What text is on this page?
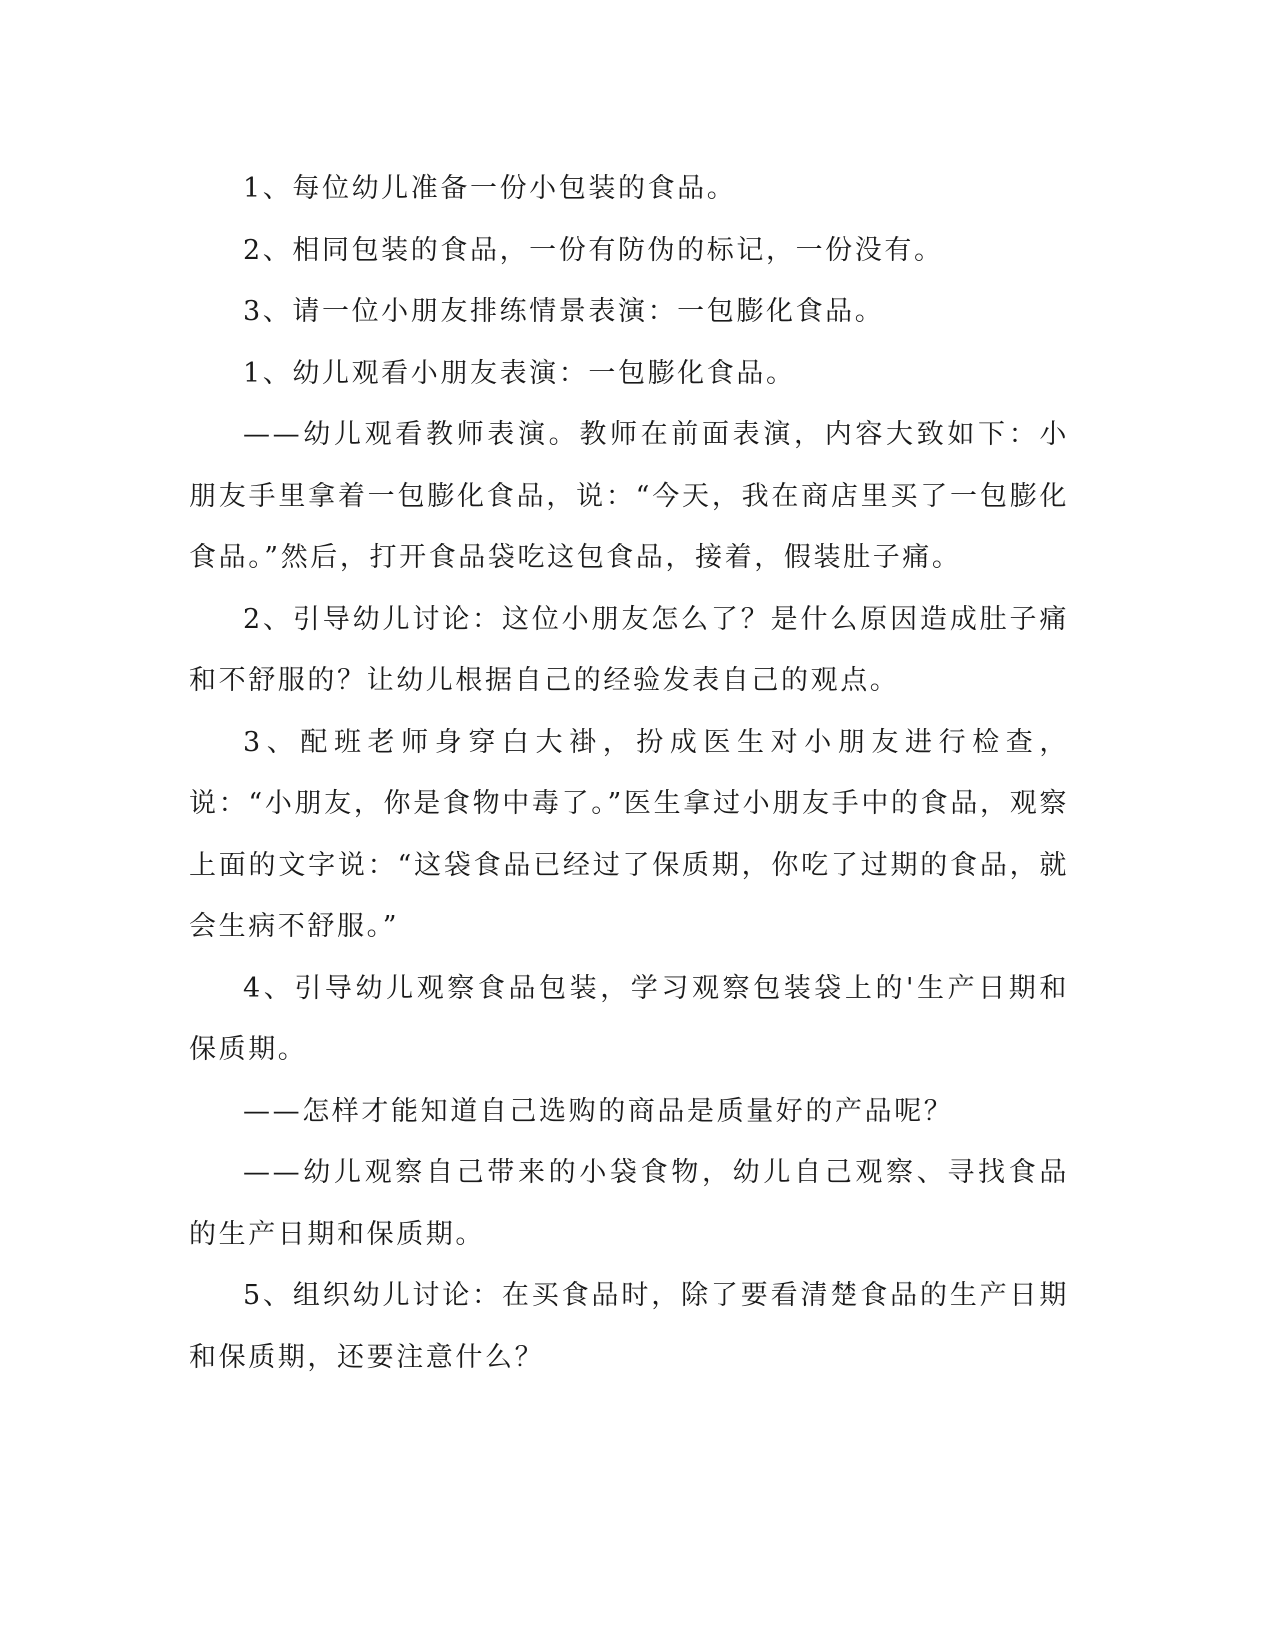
1、每位幼儿准备一份小包装的食品。

2、相同包装的食品，一份有防伪的标记，一份没有。

3、请一位小朋友排练情景表演：一包膨化食品。

1、幼儿观看小朋友表演：一包膨化食品。

——幼儿观看教师表演。教师在前面表演，内容大致如下：小朋友手里拿着一包膨化食品，说：“今天，我在商店里买了一包膨化食品。”然后，打开食品袋吃这包食品，接着，假装肚子痛。

2、引导幼儿讨论：这位小朋友怎么了？是什么原因造成肚子痛和不舒服的？让幼儿根据自己的经验发表自己的观点。

3、配班老师身穿白大褂，扮成医生对小朋友进行检查，说：“小朋友，你是食物中毒了。”医生拿过小朋友手中的食品，观察上面的文字说：“这袋食品已经过了保质期，你吃了过期的食品，就会生病不舒服。”

4、引导幼儿观察食品包装，学习观察包装袋上的'生产日期和保质期。

——怎样才能知道自己选购的商品是质量好的产品呢？

——幼儿观察自己带来的小袋食物，幼儿自己观察、寻找食品的生产日期和保质期。

5、组织幼儿讨论：在买食品时，除了要看清楚食品的生产日期和保质期，还要注意什么？
